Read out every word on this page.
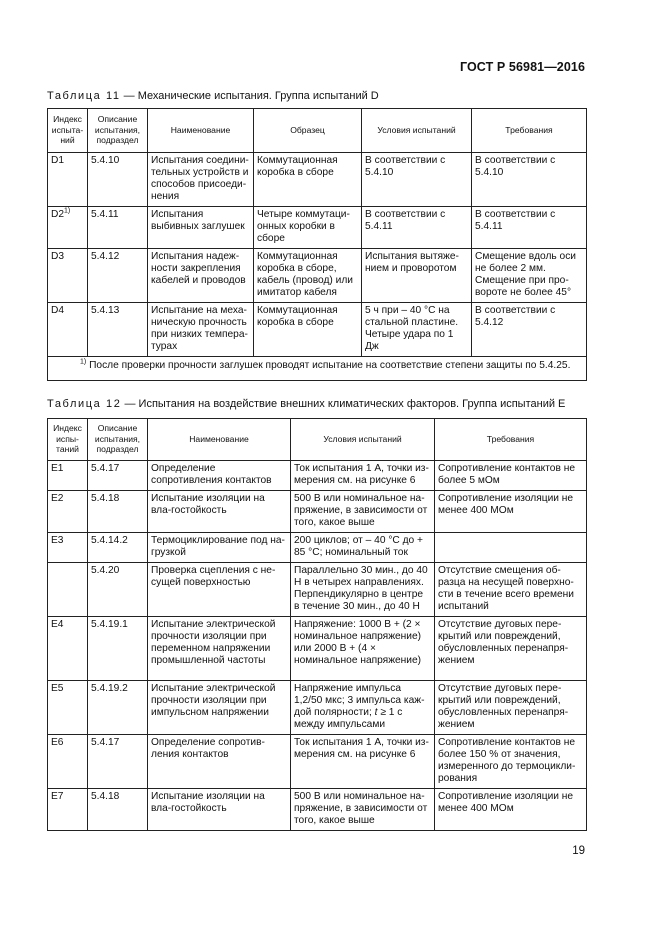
ГОСТ Р 56981—2016
Таблица 11 — Механические испытания. Группа испытаний D
Индекс испыта-ний	Описание испытания, подраздел	Наименование	Образец	Условия испытаний	Требования
D1	5.4.10	Испытания соедини-тельных устройств и способов присоеди-нения	Коммутационная коробка в сборе	В соответствии с 5.4.10	В соответствии с 5.4.10
D2$^{1)}$	5.4.11	Испытания выбивных заглушек	Четыре коммутаци-онных коробки в сборе	В соответствии с 5.4.11	В соответствии с 5.4.11
D3	5.4.12	Испытания надеж-ности закрепления кабелей и проводов	Коммутационная коробка в сборе, кабель (провод) или имитатор кабеля	Испытания вытяже-нием и проворотом	Смещение вдоль оси не более 2 мм. Смещение при про-вороте не более 45°
D4	5.4.13	Испытание на меха-ническую прочность при низких темпера-турах	Коммутационная коробка в сборе	5 ч при – 40 °C на стальной пластине. Четыре удара по 1 Дж	В соответствии с 5.4.12
$^{1)}$ После проверки прочности заглушек проводят испытание на соответствие степени защиты по 5.4.25.					
Таблица 12 — Испытания на воздействие внешних климатических факторов. Группа испытаний E
Индекс испы-таний	Описание испытания, подраздел	Наименование	Условия испытаний	Требования
E1	5.4.17	Определение сопротивления контактов	Ток испытания 1 А, точки из-мерения см. на рисунке 6	Сопротивление контактов не более 5 мОм
E2	5.4.18	Испытание изоляции на вла-гостойкость	500 В или номинальное на-пряжение, в зависимости от того, какое выше	Сопротивление изоляции не менее 400 МОм
E3	5.4.14.2	Термоциклирование под на-грузкой	200 циклов; от – 40 °C до + 85 °C; номинальный ток	
	5.4.20	Проверка сцепления с не-сущей поверхностью	Параллельно 30 мин., до 40 Н в четырех направлениях. Перпендикулярно в центре в течение 30 мин., до 40 Н	Отсутствие смещения об-разца на несущей поверхно-сти в течение всего времени испытаний
E4	5.4.19.1	Испытание электрической прочности изоляции при переменном напряжении промышленной частоты	Напряжение: 1000 В + (2 × номинальное напряжение) или 2000 В + (4 × номинальное напряжение)	Отсутствие дуговых пере-крытий или повреждений, обусловленных перенапря-жением
E5	5.4.19.2	Испытание электрической прочности изоляции при импульсном напряжении	Напряжение импульса 1,2/50 мкс; 3 импульса каж-дой полярности; t ≥ 1 с между импульсами	Отсутствие дуговых пере-крытий или повреждений, обусловленных перенапря-жением
E6	5.4.17	Определение сопротив-ления контактов	Ток испытания 1 А, точки из-мерения см. на рисунке 6	Сопротивление контактов не более 150 % от значения, измеренного до термоцикли-рования
E7	5.4.18	Испытание изоляции на вла-гостойкость	500 В или номинальное на-пряжение, в зависимости от того, какое выше	Сопротивление изоляции не менее 400 МОм
19
